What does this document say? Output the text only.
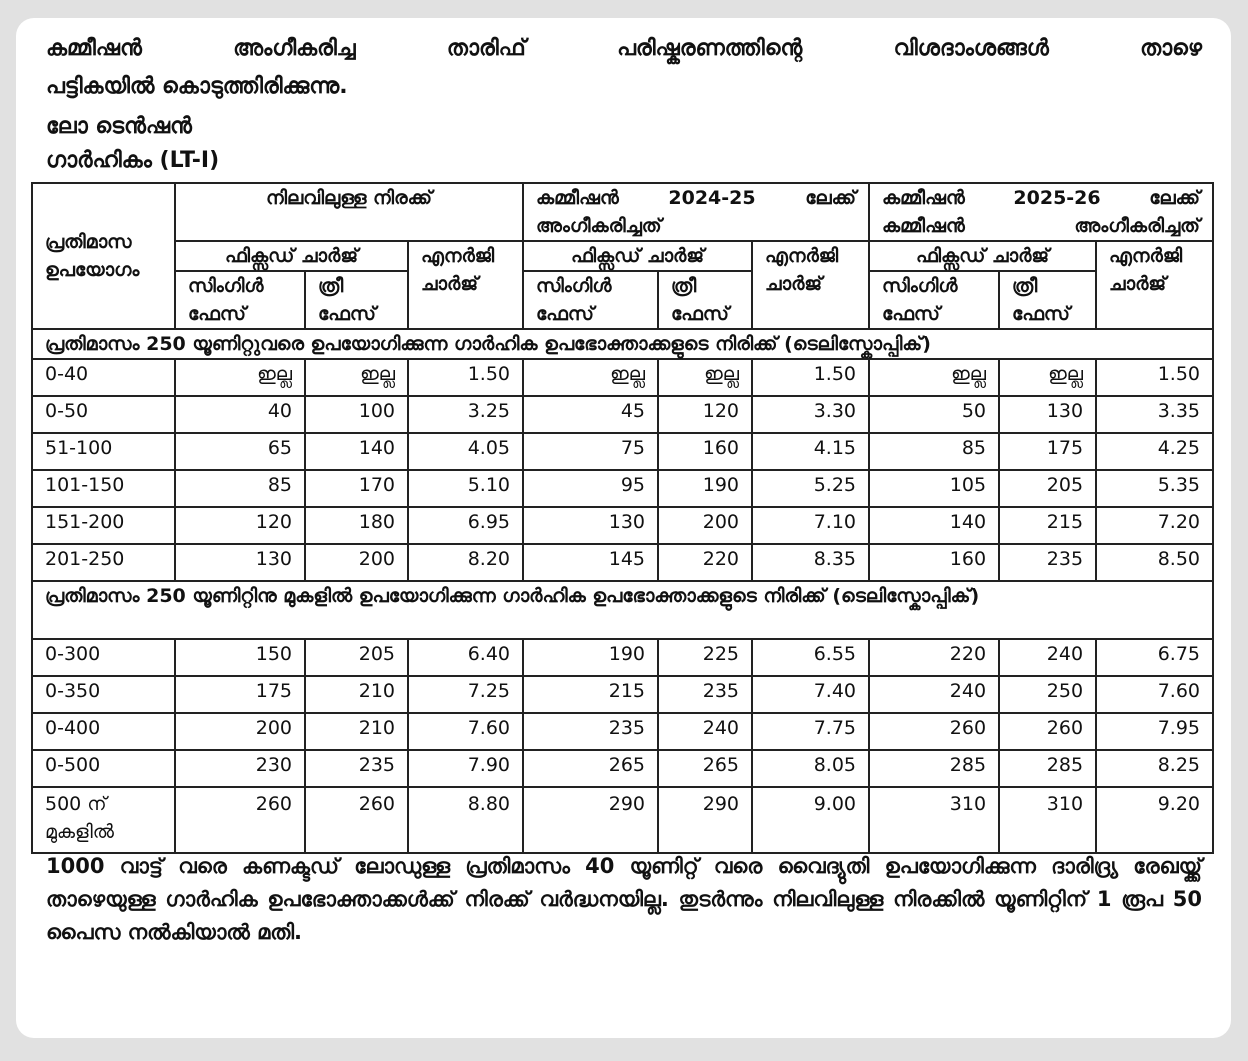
കമ്മീഷൻ അംഗീകരിച്ച താരിഫ് പരിഷ്കരണത്തിന്റെ വിശദാംശങ്ങൾ താഴെ
പട്ടികയിൽ കൊടുത്തിരിക്കുന്നു.
ലോ ടെൻഷൻ
ഗാർഹികം (LT-I)
പ്രതിമാസ ഉപയോഗം	നിലവിലുള്ള നിരക്ക്			കമ്മീഷൻ 2024-25 ലേക്ക് അംഗീകരിച്ചത്			കമ്മീഷൻ 2025-26 ലേക്ക് കമ്മീഷൻ അംഗീകരിച്ചത്		
	ഫിക്സഡ് ചാർജ്		എനർജി ചാർജ്	ഫിക്സഡ് ചാർജ്		എനർജി ചാർജ്	ഫിക്സഡ് ചാർജ്		എനർജി ചാർജ്
	സിംഗിൾ ഫേസ്	ത്രീ ഫേസ്		സിംഗിൾ ഫേസ്	ത്രീ ഫേസ്		സിംഗിൾ ഫേസ്	ത്രീ ഫേസ്	
പ്രതിമാസം 250 യൂണിറ്റുവരെ ഉപയോഗിക്കുന്ന ഗാർഹിക ഉപഭോക്താക്കളുടെ നിരിക്ക് (ടെലിസ്കോപ്പിക്)									
0-40	ഇല്ല	ഇല്ല	1.50	ഇല്ല	ഇല്ല	1.50	ഇല്ല	ഇല്ല	1.50
0-50	40	100	3.25	45	120	3.30	50	130	3.35
51-100	65	140	4.05	75	160	4.15	85	175	4.25
101-150	85	170	5.10	95	190	5.25	105	205	5.35
151-200	120	180	6.95	130	200	7.10	140	215	7.20
201-250	130	200	8.20	145	220	8.35	160	235	8.50
പ്രതിമാസം 250 യൂണിറ്റിനു മുകളിൽ ഉപയോഗിക്കുന്ന ഗാർഹിക ഉപഭോക്താക്കളുടെ നിരിക്ക് (ടെലിസ്കോപ്പിക്)									
0-300	150	205	6.40	190	225	6.55	220	240	6.75
0-350	175	210	7.25	215	235	7.40	240	250	7.60
0-400	200	210	7.60	235	240	7.75	260	260	7.95
0-500	230	235	7.90	265	265	8.05	285	285	8.25
500 ന് മുകളിൽ	260	260	8.80	290	290	9.00	310	310	9.20
1000 വാട്ട് വരെ കണക്ടഡ് ലോഡുള്ള പ്രതിമാസം 40 യൂണിറ്റ് വരെ വൈദ്യുതി ഉപയോഗിക്കുന്ന ദാരിദ്ര്യ രേഖയ്ക്ക് താഴെയുള്ള ഗാർഹിക ഉപഭോക്താക്കൾക്ക് നിരക്ക് വർദ്ധനയില്ല. തുടർന്നും നിലവിലുള്ള നിരക്കിൽ യൂണിറ്റിന് 1 രൂപ 50 പൈസ നൽകിയാൽ മതി.
